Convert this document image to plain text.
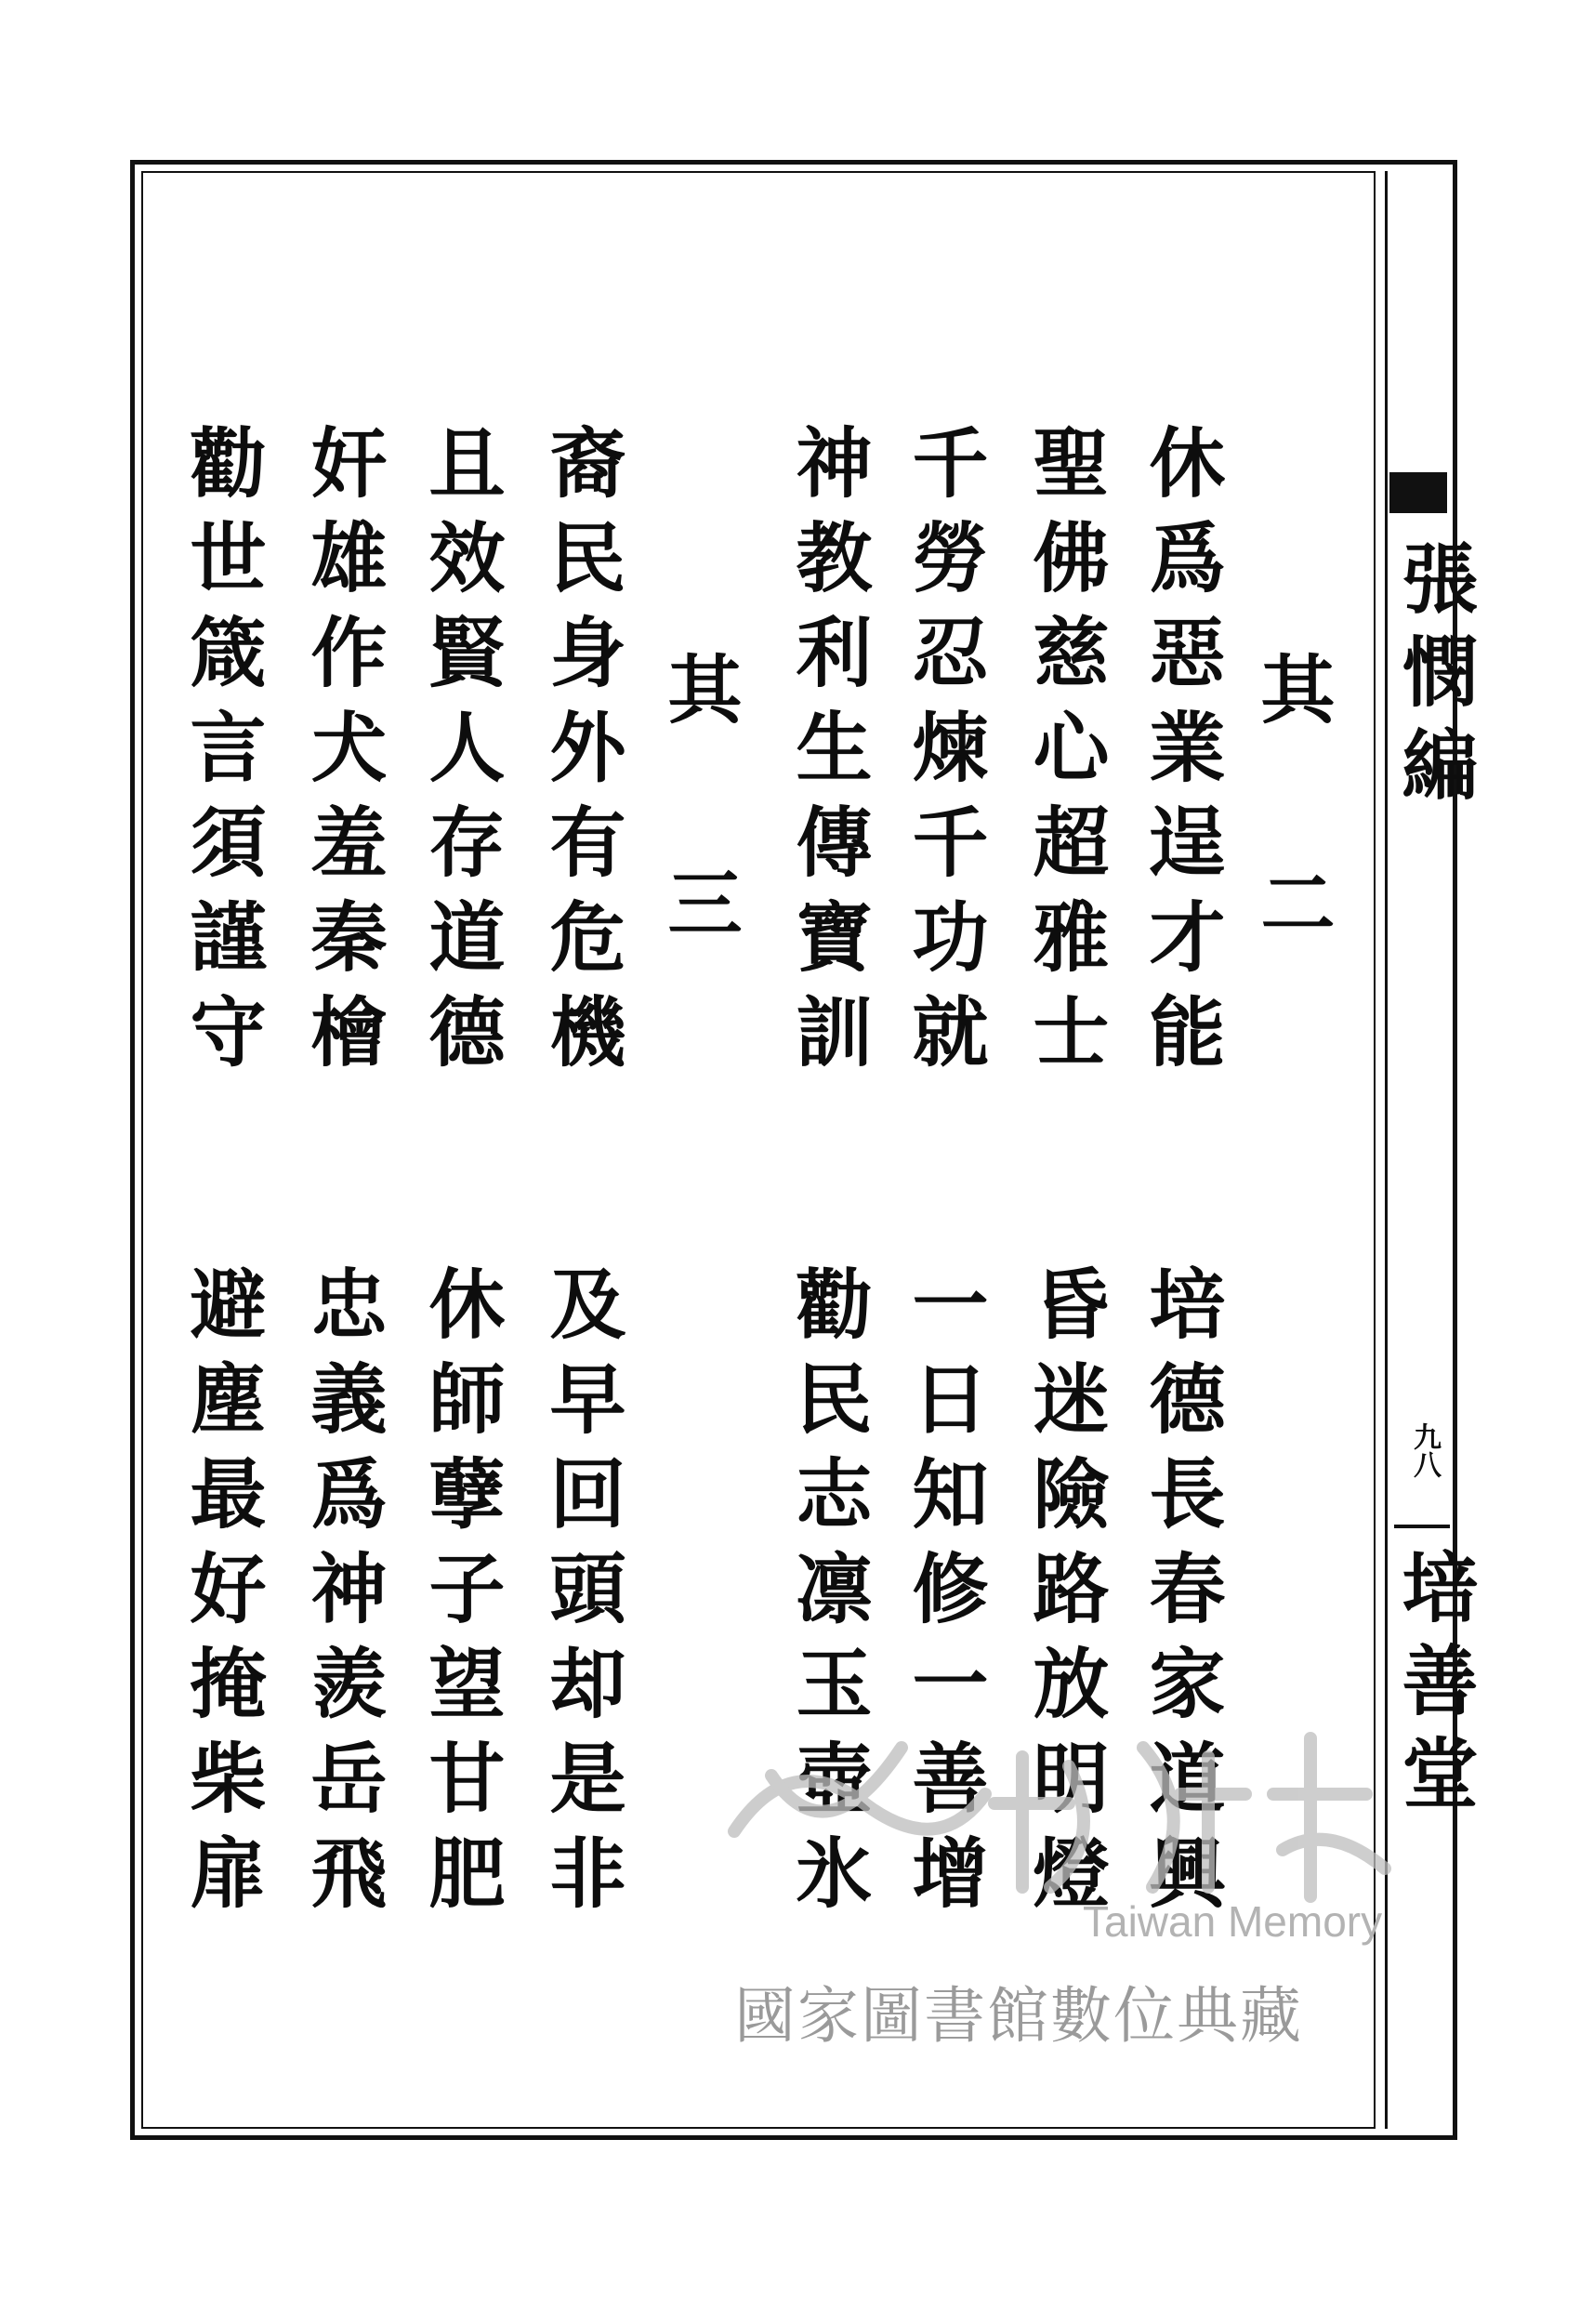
張憫編
九八
培善堂
其二
休爲惡業逞才能
聖佛慈心超雅士
千勞忍煉千功就
神教利生傳寶訓
培德長春家道興
昏迷險路放明燈
一日知修一善增
勸民志凛玉壺氷
其三
裔民身外有危機
且效賢人存道德
奸雄作犬羞秦檜
勸世箴言須謹守
及早回頭却是非
休師孽子望甘肥
忠義爲神羨岳飛
避塵最好掩柴扉	Taiwan Memory
國家圖書館數位典藏
